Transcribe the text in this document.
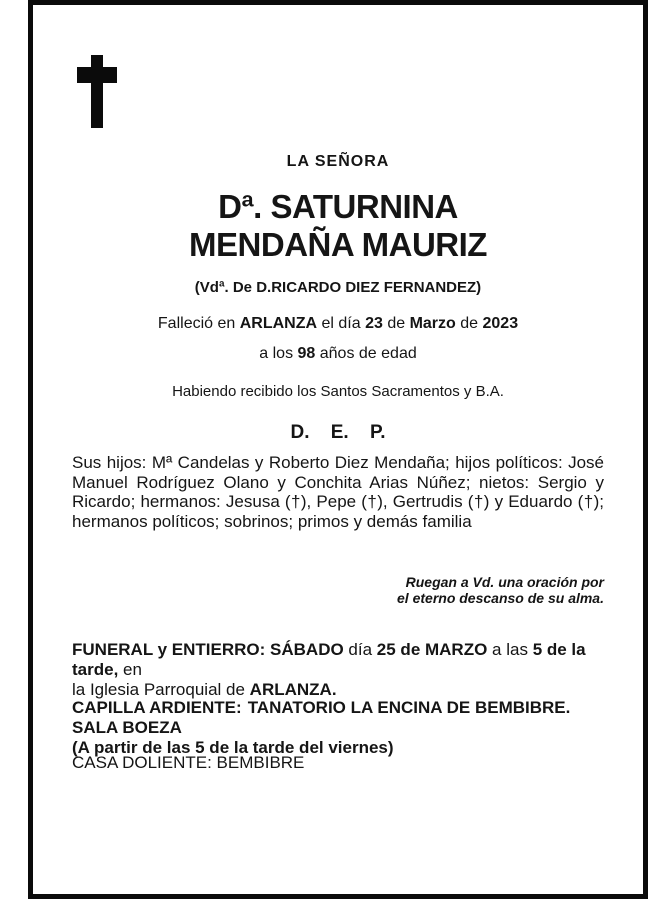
LA SEÑORA
Dª. SATURNINA
MENDAÑA MAURIZ
(Vdª. De D.RICARDO DIEZ FERNANDEZ)
Falleció en ARLANZA el día 23 de Marzo de 2023
a los 98 años de edad
Habiendo recibido los Santos Sacramentos y B.A.
D. E. P.
Sus hijos: Mª Candelas y Roberto Diez Mendaña; hijos políticos: José Manuel Rodríguez Olano y Conchita Arias Núñez; nietos: Sergio y Ricardo; hermanos: Jesusa (†), Pepe (†), Gertrudis (†) y Eduardo (†); hermanos políticos; sobrinos; primos y demás familia
Ruegan a Vd. una oración por
el eterno descanso de su alma.
FUNERAL y ENTIERRO: SÁBADO día 25 de MARZO a las 5 de la tarde, en
la Iglesia Parroquial de ARLANZA.
CAPILLA ARDIENTE: TANATORIO LA ENCINA DE BEMBIBRE. SALA BOEZA
(A partir de las 5 de la tarde del viernes)
CASA DOLIENTE: BEMBIBRE
